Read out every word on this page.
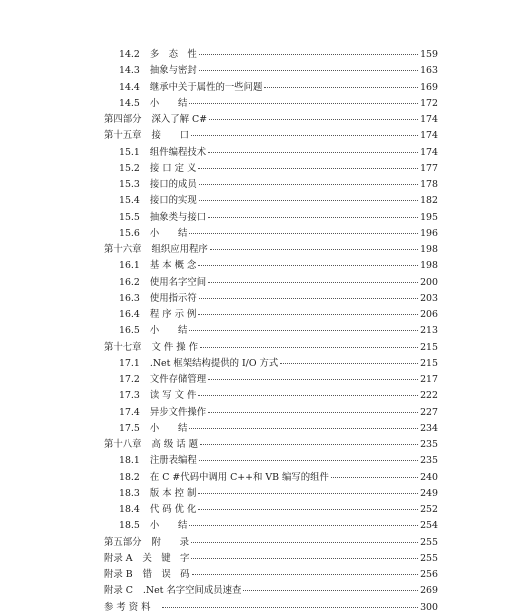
14.2 多　态　性	159
14.3 抽象与密封	163
14.4 继承中关于属性的一些问题	169
14.5 小　　结	172
第四部分 深入了解 C#	174
第十五章 接　　口	174
15.1 组件编程技术	174
15.2 接 口 定 义	177
15.3 接口的成员	178
15.4 接口的实现	182
15.5 抽象类与接口	195
15.6 小　　结	196
第十六章 组织应用程序	198
16.1 基 本 概 念	198
16.2 使用名字空间	200
16.3 使用指示符	203
16.4 程 序 示 例	206
16.5 小　　结	213
第十七章 文 件 操 作	215
17.1 .Net 框架结构提供的 I/O 方式	215
17.2 文件存储管理	217
17.3 读 写 文 件	222
17.4 异步文件操作	227
17.5 小　　结	234
第十八章 高 级 话 题	235
18.1 注册表编程	235
18.2 在 C #代码中调用 C++和 VB 编写的组件	240
18.3 版 本 控 制	249
18.4 代 码 优 化	252
18.5 小　　结	254
第五部分 附　　录	255
附录 A 关　键　字	255
附录 B 错　误　码	256
附录 C .Net 名字空间成员速查	269
参 考 资 料	300
